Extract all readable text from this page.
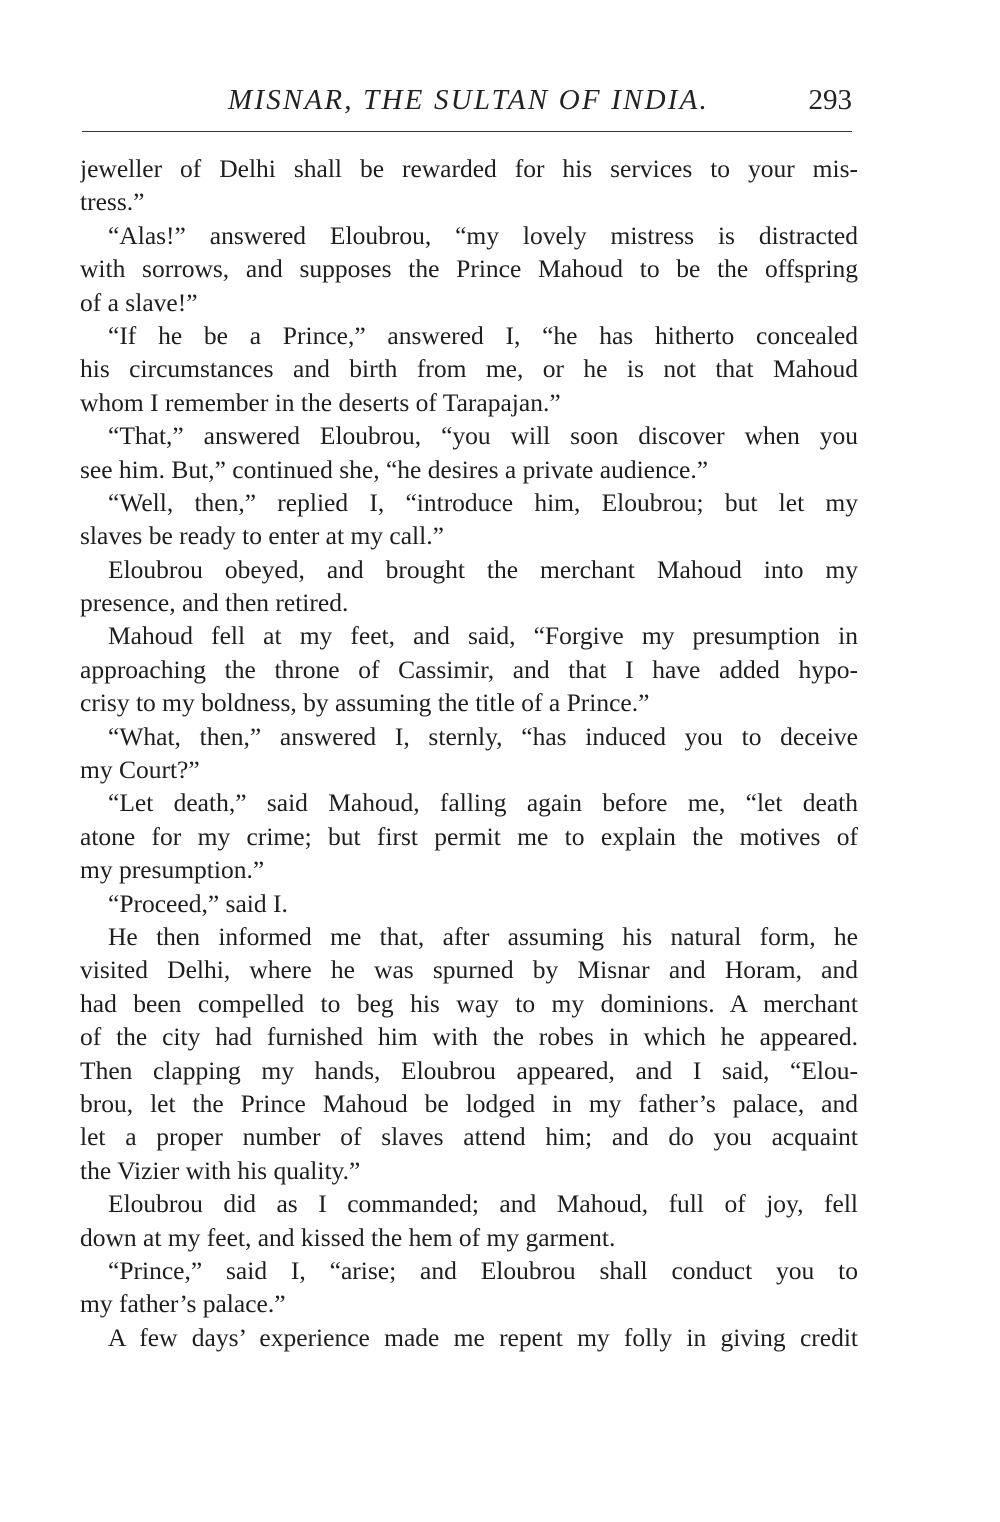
MISNAR, THE SULTAN OF INDIA.	293
jeweller of Delhi shall be rewarded for his services to your mis-
tress.”
“Alas!” answered Eloubrou, “my lovely mistress is distracted
with sorrows, and supposes the Prince Mahoud to be the offspring
of a slave!”
“If he be a Prince,” answered I, “he has hitherto concealed
his circumstances and birth from me, or he is not that Mahoud
whom I remember in the deserts of Tarapajan.”
“That,” answered Eloubrou, “you will soon discover when you
see him. But,” continued she, “he desires a private audience.”
“Well, then,” replied I, “introduce him, Eloubrou; but let my
slaves be ready to enter at my call.”
Eloubrou obeyed, and brought the merchant Mahoud into my
presence, and then retired.
Mahoud fell at my feet, and said, “Forgive my presumption in
approaching the throne of Cassimir, and that I have added hypo-
crisy to my boldness, by assuming the title of a Prince.”
“What, then,” answered I, sternly, “has induced you to deceive
my Court?”
“Let death,” said Mahoud, falling again before me, “let death
atone for my crime; but first permit me to explain the motives of
my presumption.”
“Proceed,” said I.
He then informed me that, after assuming his natural form, he
visited Delhi, where he was spurned by Misnar and Horam, and
had been compelled to beg his way to my dominions. A merchant
of the city had furnished him with the robes in which he appeared.
Then clapping my hands, Eloubrou appeared, and I said, “Elou-
brou, let the Prince Mahoud be lodged in my father’s palace, and
let a proper number of slaves attend him; and do you acquaint
the Vizier with his quality.”
Eloubrou did as I commanded; and Mahoud, full of joy, fell
down at my feet, and kissed the hem of my garment.
“Prince,” said I, “arise; and Eloubrou shall conduct you to
my father’s palace.”
A few days’ experience made me repent my folly in giving credit
